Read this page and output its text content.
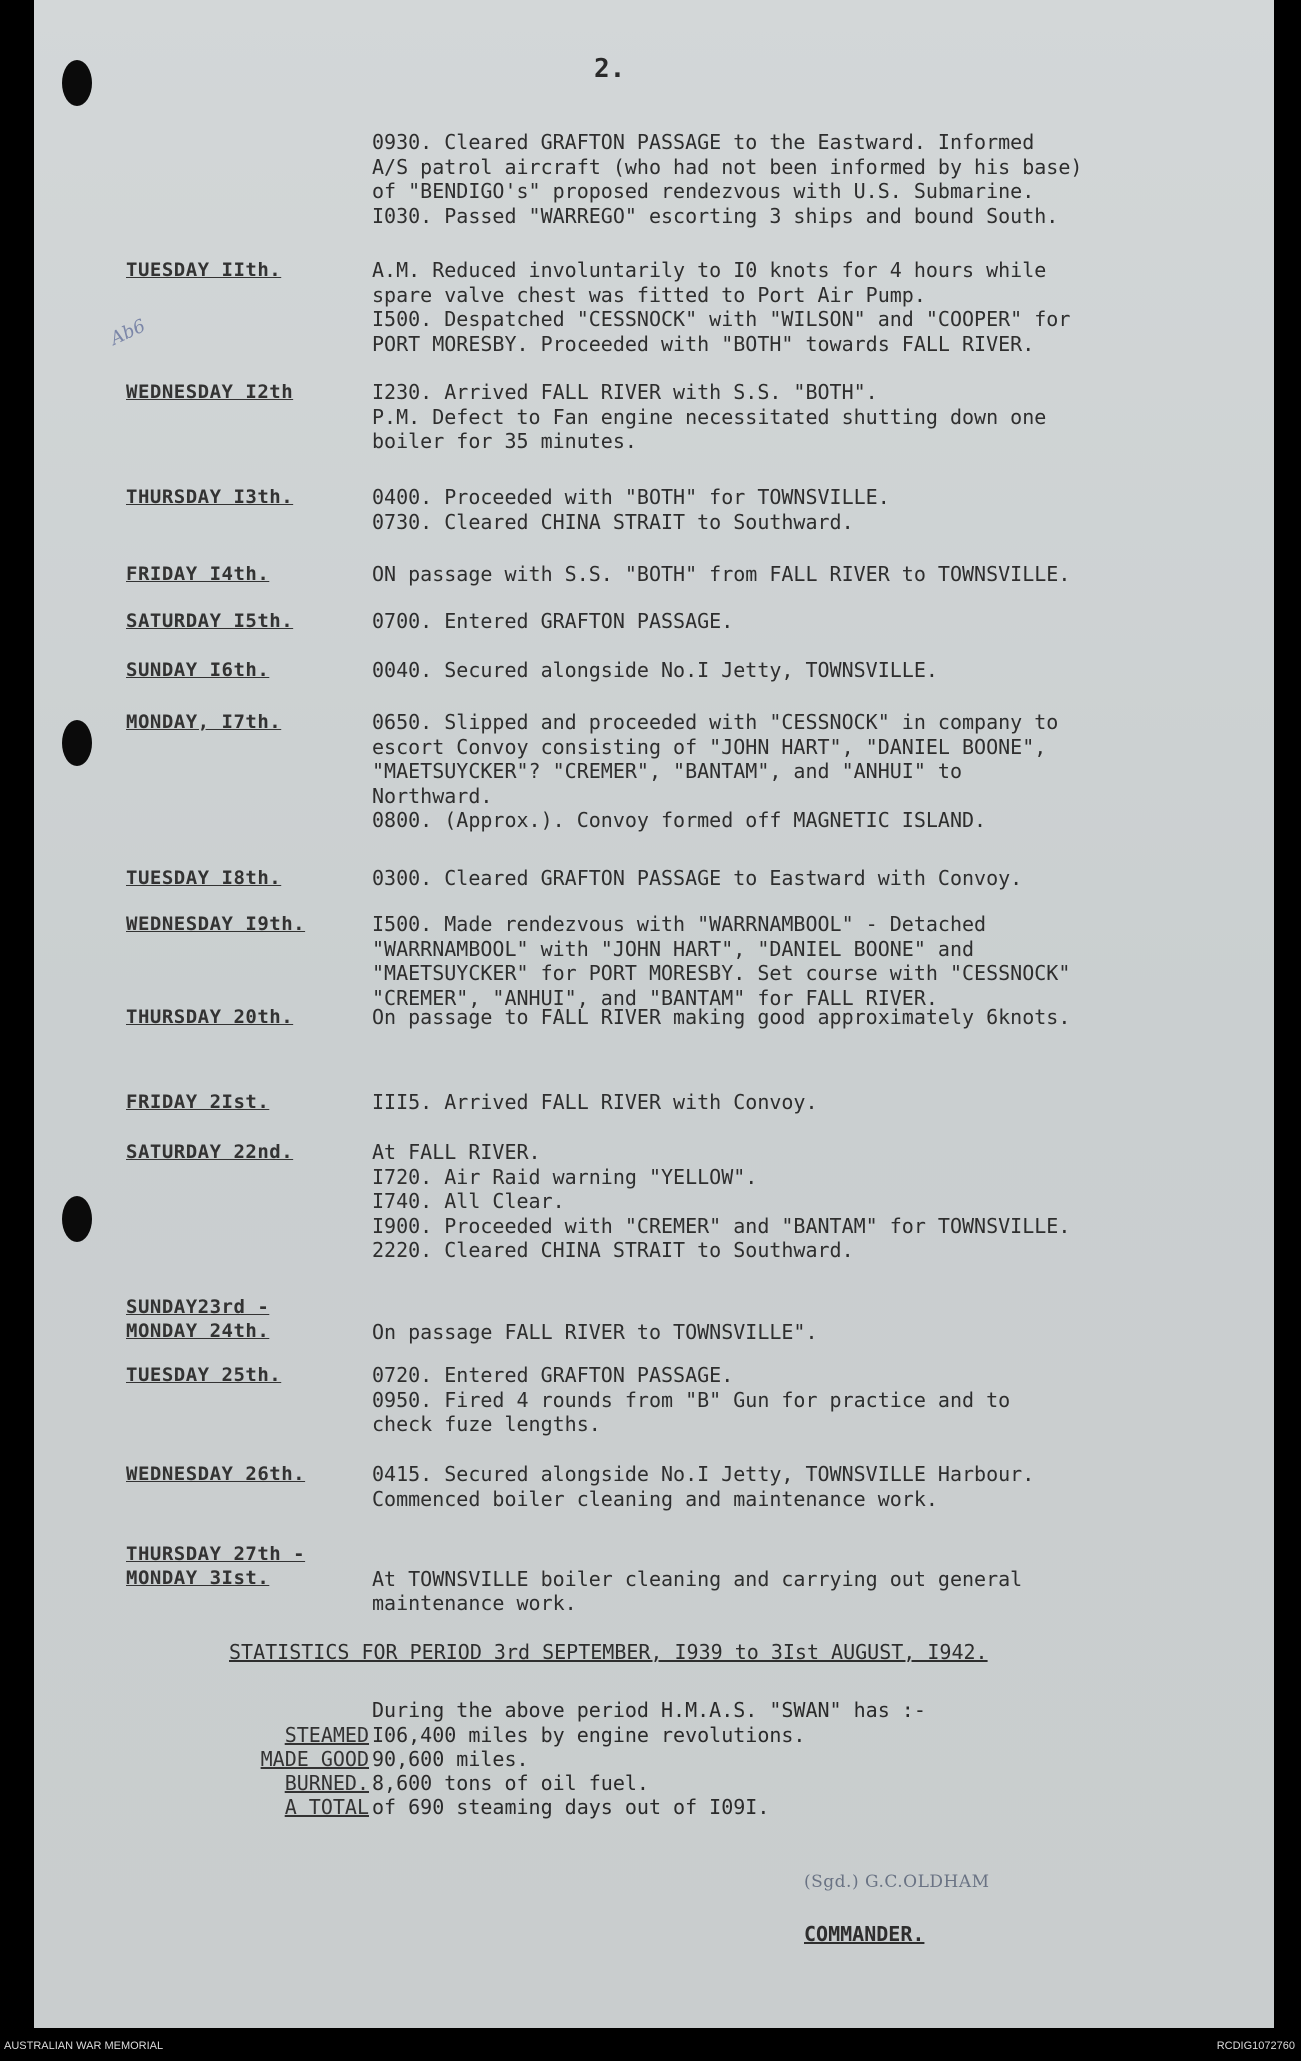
2.
Ab6
0930. Cleared GRAFTON PASSAGE to the Eastward. Informed
A/S patrol aircraft (who had not been informed by his base)
of "BENDIGO's" proposed rendezvous with U.S. Submarine.
I030. Passed "WARREGO" escorting 3 ships and bound South.
TUESDAY IIth.	A.M. Reduced involuntarily to I0 knots for 4 hours while
spare valve chest was fitted to Port Air Pump.
I500. Despatched "CESSNOCK" with "WILSON" and "COOPER" for
PORT MORESBY. Proceeded with "BOTH" towards FALL RIVER.
WEDNESDAY I2th	I230. Arrived FALL RIVER with S.S. "BOTH".
P.M. Defect to Fan engine necessitated shutting down one
boiler for 35 minutes.
THURSDAY I3th.	0400. Proceeded with "BOTH" for TOWNSVILLE.
0730. Cleared CHINA STRAIT to Southward.
FRIDAY I4th.	ON passage with S.S. "BOTH" from FALL RIVER to TOWNSVILLE.
SATURDAY I5th.	0700. Entered GRAFTON PASSAGE.
SUNDAY I6th.	0040. Secured alongside No.I Jetty, TOWNSVILLE.
MONDAY, I7th.	0650. Slipped and proceeded with "CESSNOCK" in company to
escort Convoy consisting of "JOHN HART", "DANIEL BOONE",
"MAETSUYCKER"? "CREMER", "BANTAM", and "ANHUI" to
Northward.
0800. (Approx.). Convoy formed off MAGNETIC ISLAND.
TUESDAY I8th.	0300. Cleared GRAFTON PASSAGE to Eastward with Convoy.
WEDNESDAY I9th.	I500. Made rendezvous with "WARRNAMBOOL" - Detached
"WARRNAMBOOL" with "JOHN HART", "DANIEL BOONE" and
"MAETSUYCKER" for PORT MORESBY. Set course with "CESSNOCK"
"CREMER", "ANHUI", and "BANTAM" for FALL RIVER.
THURSDAY 20th.	On passage to FALL RIVER making good approximately 6knots.
FRIDAY 2Ist.	III5. Arrived FALL RIVER with Convoy.
SATURDAY 22nd.	At FALL RIVER.
I720. Air Raid warning "YELLOW".
I740. All Clear.
I900. Proceeded with "CREMER" and "BANTAM" for TOWNSVILLE.
2220. Cleared CHINA STRAIT to Southward.
SUNDAY23rd -
MONDAY 24th.
	On passage FALL RIVER to TOWNSVILLE".
TUESDAY 25th.	0720. Entered GRAFTON PASSAGE.
0950. Fired 4 rounds from "B" Gun for practice and to
check fuze lengths.
WEDNESDAY 26th.	0415. Secured alongside No.I Jetty, TOWNSVILLE Harbour.
Commenced boiler cleaning and maintenance work.
THURSDAY 27th -
MONDAY 3Ist.
	At TOWNSVILLE boiler cleaning and carrying out general
maintenance work.
STATISTICS FOR PERIOD 3rd SEPTEMBER, I939 to 3Ist AUGUST, I942.
During the above period H.M.A.S. "SWAN" has :-
STEAMED I06,400 miles by engine revolutions.
MADE GOOD 90,600 miles.
BURNED. 8,600 tons of oil fuel.
A TOTAL of 690 steaming days out of I09I.
(Sgd.) G.C.OLDHAM
COMMANDER.
AUSTRALIAN WAR MEMORIAL	RCDIG1072760
